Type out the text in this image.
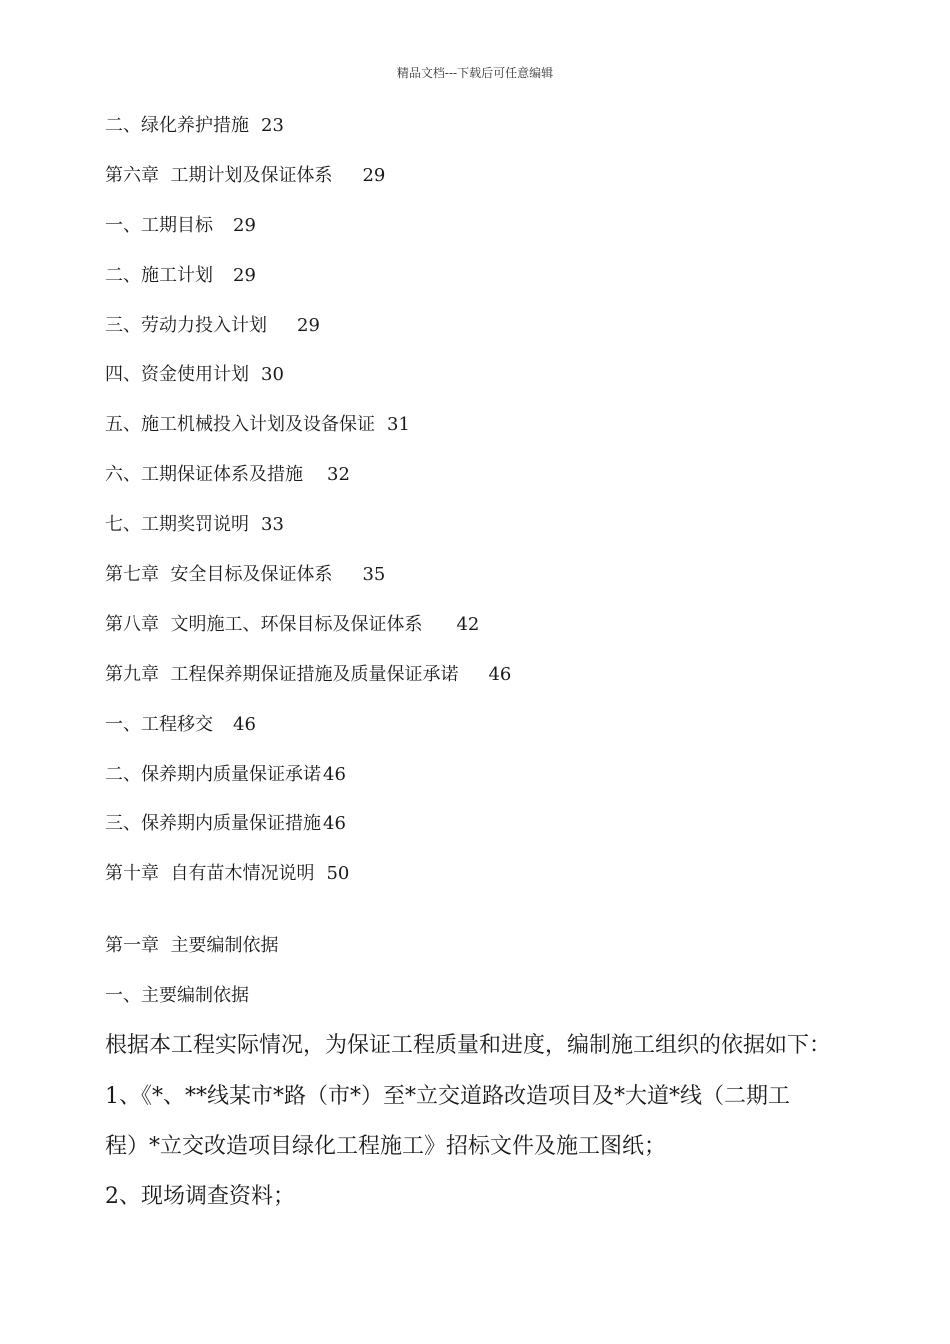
精品文档---下载后可任意编辑
二、绿化养护措施 23
第六章  工期计划及保证体系 29
一、工期目标 29
二、施工计划 29
三、劳动力投入计划 29
四、资金使用计划 30
五、施工机械投入计划及设备保证 31
六、工期保证体系及措施 32
七、工期奖罚说明 33
第七章  安全目标及保证体系 35
第八章  文明施工、环保目标及保证体系 42
第九章  工程保养期保证措施及质量保证承诺 46
一、工程移交 46
二、保养期内质量保证承诺 46
三、保养期内质量保证措施 46
第十章  自有苗木情况说明 50
第一章  主要编制依据
一、主要编制依据
根据本工程实际情况，为保证工程质量和进度，编制施工组织的依据如下：
1、《*、**线某市*路（市*）至*立交道路改造项目及*大道*线（二期工
程）*立交改造项目绿化工程施工》招标文件及施工图纸；
2、现场调查资料；
